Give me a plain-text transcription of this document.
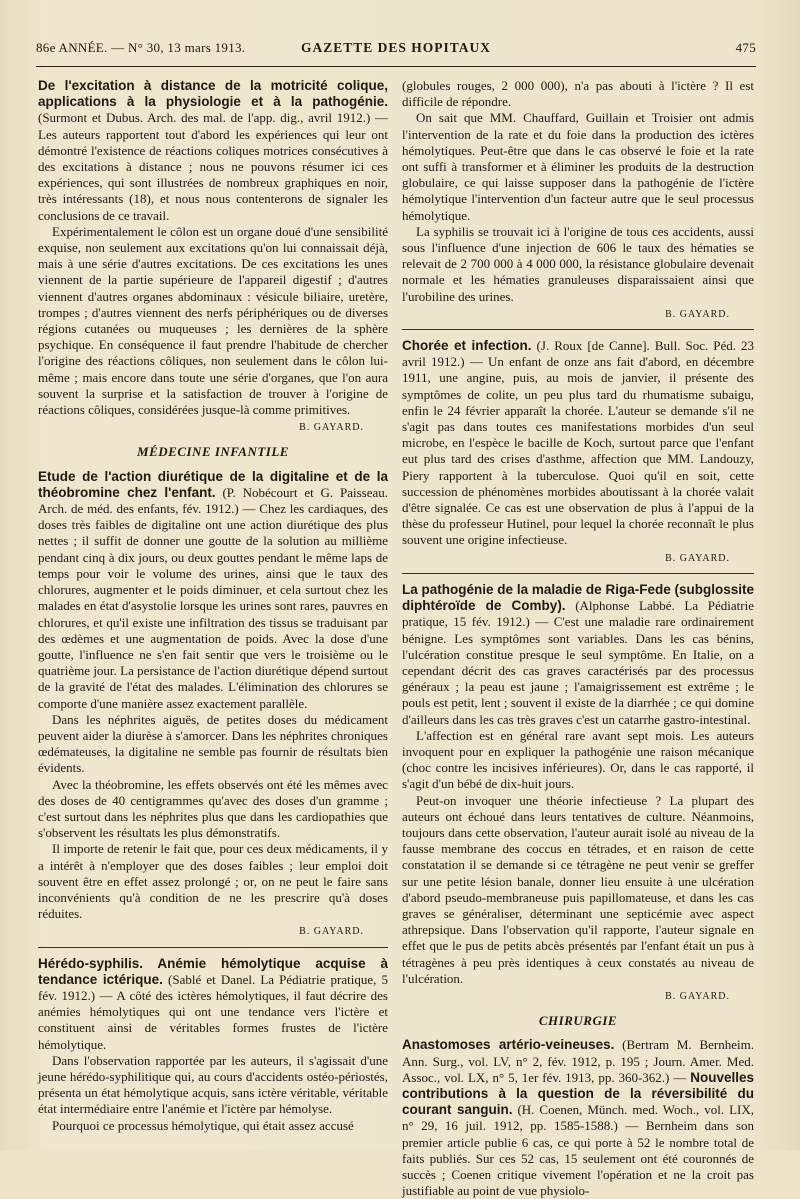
86e ANNÉE. — N° 30, 13 mars 1913.	GAZETTE DES HOPITAUX	475

De l'excitation à distance de la motricité colique, applications à la physiologie et à la pathogénie. (Surmont et Dubus. Arch. des mal. de l'app. dig., avril 1912.) — Les auteurs rapportent tout d'abord les expériences qui leur ont démontré l'existence de réactions coliques motrices consécutives à des excitations à distance ; nous ne pouvons résumer ici ces expériences, qui sont illustrées de nombreux graphiques en noir, très intéressants (18), et nous nous contenterons de signaler les conclusions de ce travail.

Expérimentalement le côlon est un organe doué d'une sensibilité exquise, non seulement aux excitations qu'on lui connaissait déjà, mais à une série d'autres excitations. De ces excitations les unes viennent de la partie supérieure de l'appareil digestif ; d'autres viennent d'autres organes abdominaux : vésicule biliaire, uretère, trompes ; d'autres viennent des nerfs périphériques ou de diverses régions cutanées ou muqueuses ; les dernières de la sphère psychique. En conséquence il faut prendre l'habitude de chercher l'origine des réactions côliques, non seulement dans le côlon lui-même ; mais encore dans toute une série d'organes, que l'on aura souvent la surprise et la satisfaction de trouver à l'origine de réactions côliques, considérées jusque-là comme primitives.

B. GAYARD.
MÉDECINE INFANTILE

Etude de l'action diurétique de la digitaline et de la théobromine chez l'enfant. (P. Nobécourt et G. Paisseau. Arch. de méd. des enfants, fév. 1912.) — Chez les cardiaques, des doses très faibles de digitaline ont une action diurétique des plus nettes ; il suffit de donner une goutte de la solution au millième pendant cinq à dix jours, ou deux gouttes pendant le même laps de temps pour voir le volume des urines, ainsi que le taux des chlorures, augmenter et le poids diminuer, et cela surtout chez les malades en état d'asystolie lorsque les urines sont rares, pauvres en chlorures, et qu'il existe une infiltration des tissus se traduisant par des œdèmes et une augmentation de poids. Avec la dose d'une goutte, l'influence ne s'en fait sentir que vers le troisième ou le quatrième jour. La persistance de l'action diurétique dépend surtout de la gravité de l'état des malades. L'élimination des chlorures se comporte d'une manière assez exactement parallèle.

Dans les néphrites aiguës, de petites doses du médicament peuvent aider la diurèse à s'amorcer. Dans les néphrites chroniques œdémateuses, la digitaline ne semble pas fournir de résultats bien évidents.

Avec la théobromine, les effets observés ont été les mêmes avec des doses de 40 centigrammes qu'avec des doses d'un gramme ; c'est surtout dans les néphrites plus que dans les cardiopathies que s'observent les résultats les plus démonstratifs.

Il importe de retenir le fait que, pour ces deux médicaments, il y a intérêt à n'employer que des doses faibles ; leur emploi doit souvent être en effet assez prolongé ; or, on ne peut le faire sans inconvénients qu'à condition de ne les prescrire qu'à doses réduites.

B. GAYARD.

Hérédo-syphilis. Anémie hémolytique acquise à tendance ictérique. (Sablé et Danel. La Pédiatrie pratique, 5 fév. 1912.) — A côté des ictères hémolytiques, il faut décrire des anémies hémolytiques qui ont une tendance vers l'ictère et constituent ainsi de véritables formes frustes de l'ictère hémolytique.

Dans l'observation rapportée par les auteurs, il s'agissait d'une jeune hérédo-syphilitique qui, au cours d'accidents ostéo-périostés, présenta un état hémolytique acquis, sans ictère véritable, véritable état intermédiaire entre l'anémie et l'ictère par hémolyse.

Pourquoi ce processus hémolytique, qui était assez accusé

(globules rouges, 2 000 000), n'a pas abouti à l'ictère ? Il est difficile de répondre.

On sait que MM. Chauffard, Guillain et Troisier ont admis l'intervention de la rate et du foie dans la production des ictères hémolytiques. Peut-être que dans le cas observé le foie et la rate ont suffi à transformer et à éliminer les produits de la destruction globulaire, ce qui laisse supposer dans la pathogénie de l'ictère hémolytique l'intervention d'un facteur autre que le seul processus hémolytique.

La syphilis se trouvait ici à l'origine de tous ces accidents, aussi sous l'influence d'une injection de 606 le taux des hématies se relevait de 2 700 000 à 4 000 000, la résistance globulaire devenait normale et les hématies granuleuses disparaissaient ainsi que l'urobiline des urines.

B. GAYARD.

Chorée et infection. (J. Roux [de Canne]. Bull. Soc. Péd. 23 avril 1912.) — Un enfant de onze ans fait d'abord, en décembre 1911, une angine, puis, au mois de janvier, il présente des symptômes de colite, un peu plus tard du rhumatisme subaigu, enfin le 24 février apparaît la chorée. L'auteur se demande s'il ne s'agit pas dans toutes ces manifestations morbides d'un seul microbe, en l'espèce le bacille de Koch, surtout parce que l'enfant eut plus tard des crises d'asthme, affection que MM. Landouzy, Piery rapportent à la tuberculose. Quoi qu'il en soit, cette succession de phénomènes morbides aboutissant à la chorée valait d'être signalée. Ce cas est une observation de plus à l'appui de la thèse du professeur Hutinel, pour lequel la chorée reconnaît le plus souvent une origine infectieuse.

B. GAYARD.

La pathogénie de la maladie de Riga-Fede (subglossite diphtéroïde de Comby). (Alphonse Labbé. La Pédiatrie pratique, 15 fév. 1912.) — C'est une maladie rare ordinairement bénigne. Les symptômes sont variables. Dans les cas bénins, l'ulcération constitue presque le seul symptôme. En Italie, on a cependant décrit des cas graves caractérisés par des processus généraux ; la peau est jaune ; l'amaigrissement est extrême ; le pouls est petit, lent ; souvent il existe de la diarrhée ; ce qui domine d'ailleurs dans les cas très graves c'est un catarrhe gastro-intestinal.

L'affection est en général rare avant sept mois. Les auteurs invoquent pour en expliquer la pathogénie une raison mécanique (choc contre les incisives inférieures). Or, dans le cas rapporté, il s'agit d'un bébé de dix-huit jours.

Peut-on invoquer une théorie infectieuse ? La plupart des auteurs ont échoué dans leurs tentatives de culture. Néanmoins, toujours dans cette observation, l'auteur aurait isolé au niveau de la fausse membrane des coccus en tétrades, et en raison de cette constatation il se demande si ce tétragène ne peut venir se greffer sur une petite lésion banale, donner lieu ensuite à une ulcération d'abord pseudo-membraneuse puis papillomateuse, et dans les cas graves se généraliser, déterminant une septicémie avec aspect athrepsique. Dans l'observation qu'il rapporte, l'auteur signale en effet que le pus de petits abcès présentés par l'enfant était un pus à tétragènes à peu près identiques à ceux constatés au niveau de l'ulcération.

B. GAYARD.
CHIRURGIE

Anastomoses artério-veineuses. (Bertram M. Bernheim. Ann. Surg., vol. LV, n° 2, fév. 1912, p. 195 ; Journ. Amer. Med. Assoc., vol. LX, n° 5, 1er fév. 1913, pp. 360-362.) — Nouvelles contributions à la question de la réversibilité du courant sanguin. (H. Coenen, Münch. med. Woch., vol. LIX, n° 29, 16 juil. 1912, pp. 1585-1588.) — Bernheim dans son premier article publie 6 cas, ce qui porte à 52 le nombre total de faits publiés. Sur ces 52 cas, 15 seulement ont été couronnés de succès ; Coenen critique vivement l'opération et ne la croit pas justifiable au point de vue physiolo-
